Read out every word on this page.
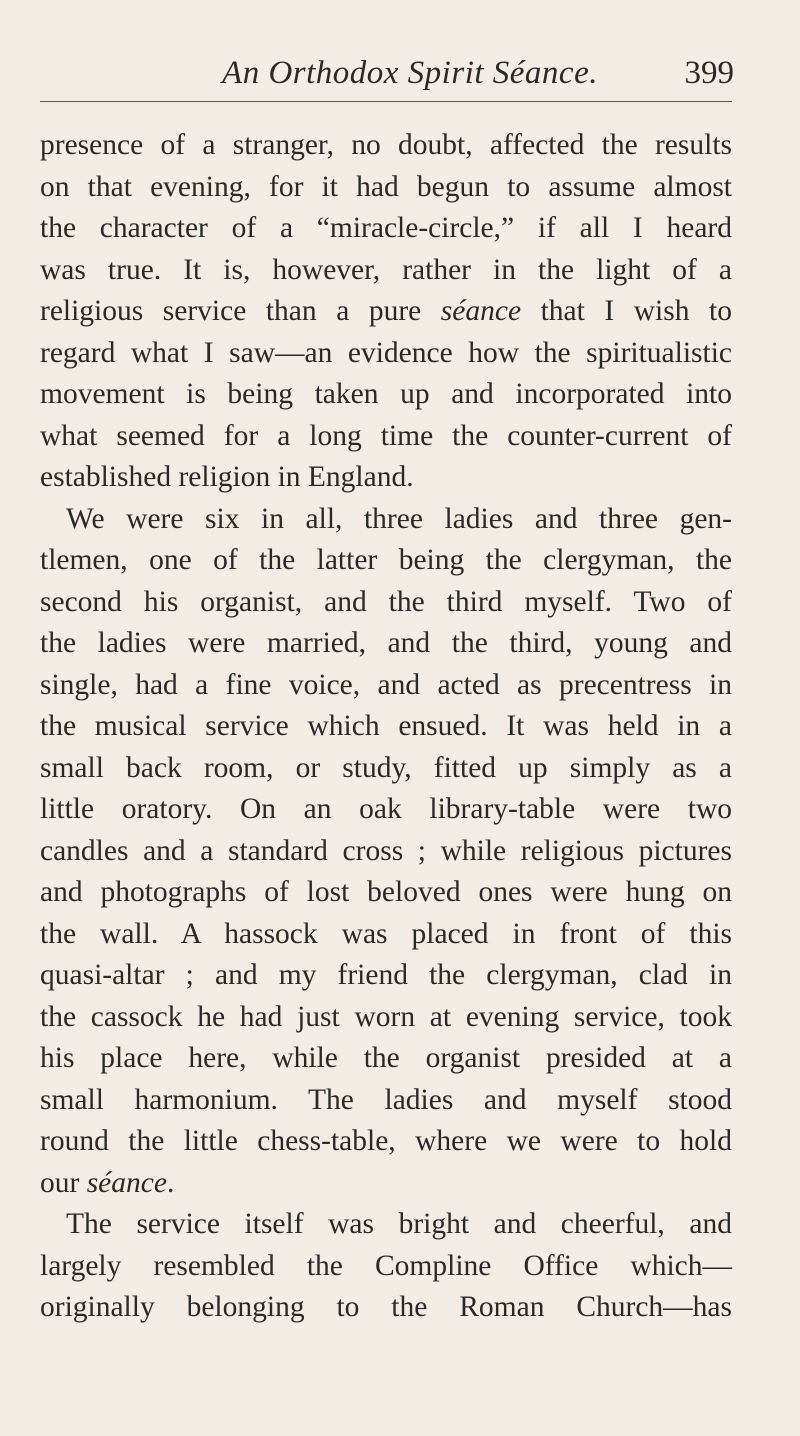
An Orthodox Spirit Séance.	399
presence of a stranger, no doubt, affected the results
on that evening, for it had begun to assume almost
the character of a “miracle-circle,” if all I heard
was true. It is, however, rather in the light of a
religious service than a pure séance that I wish to
regard what I saw—an evidence how the spiritualistic
movement is being taken up and incorporated into
what seemed for a long time the counter-current of
established religion in England.
We were six in all, three ladies and three gen-
tlemen, one of the latter being the clergyman, the
second his organist, and the third myself. Two of
the ladies were married, and the third, young and
single, had a fine voice, and acted as precentress in
the musical service which ensued. It was held in a
small back room, or study, fitted up simply as a
little oratory. On an oak library-table were two
candles and a standard cross ; while religious pictures
and photographs of lost beloved ones were hung on
the wall. A hassock was placed in front of this
quasi-altar ; and my friend the clergyman, clad in
the cassock he had just worn at evening service, took
his place here, while the organist presided at a
small harmonium. The ladies and myself stood
round the little chess-table, where we were to hold
our séance.
The service itself was bright and cheerful, and
largely resembled the Compline Office which—
originally belonging to the Roman Church—has
